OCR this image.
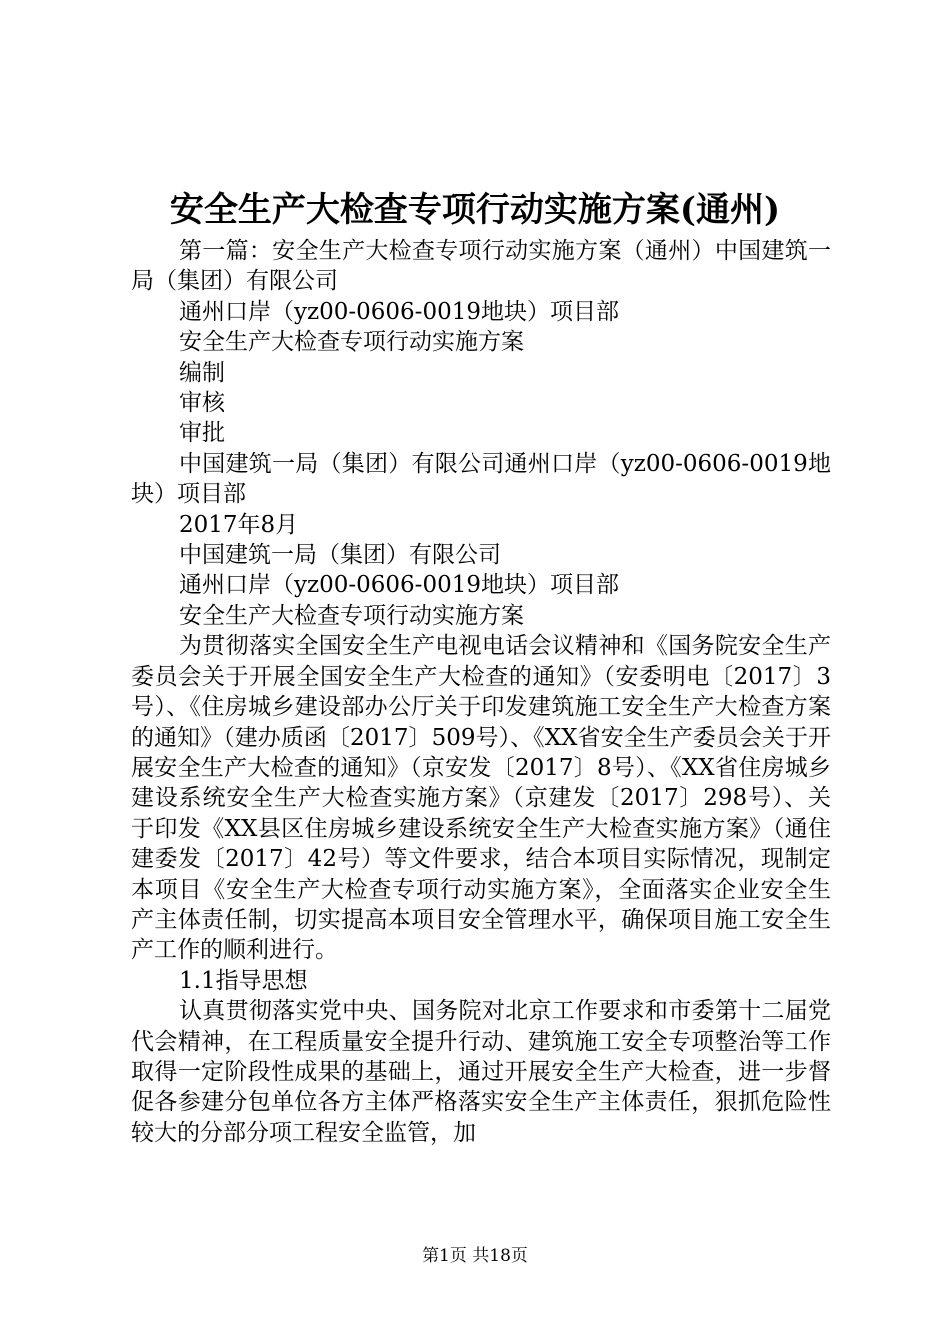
安全生产大检查专项行动实施方案(通州)

第一篇：安全生产大检查专项行动实施方案（通州）中国建筑一局（集团）有限公司

通州口岸（yz00-0606-0019地块）项目部

安全生产大检查专项行动实施方案

编制

审核

审批

中国建筑一局（集团）有限公司通州口岸（yz00-0606-0019地块）项目部

2017年8月

中国建筑一局（集团）有限公司

通州口岸（yz00-0606-0019地块）项目部

安全生产大检查专项行动实施方案

为贯彻落实全国安全生产电视电话会议精神和《国务院安全生产委员会关于开展全国安全生产大检查的通知》（安委明电〔2017〕3号）、《住房城乡建设部办公厅关于印发建筑施工安全生产大检查方案的通知》（建办质函〔2017〕509号）、《XX省安全生产委员会关于开展安全生产大检查的通知》（京安发〔2017〕8号）、《XX省住房城乡建设系统安全生产大检查实施方案》（京建发〔2017〕298号）、关于印发《XX县区住房城乡建设系统安全生产大检查实施方案》（通住建委发〔2017〕42号）等文件要求，结合本项目实际情况，现制定本项目《安全生产大检查专项行动实施方案》，全面落实企业安全生产主体责任制，切实提高本项目安全管理水平，确保项目施工安全生产工作的顺利进行。

1.1指导思想

认真贯彻落实党中央、国务院对北京工作要求和市委第十二届党代会精神，在工程质量安全提升行动、建筑施工安全专项整治等工作取得一定阶段性成果的基础上，通过开展安全生产大检查，进一步督促各参建分包单位各方主体严格落实安全生产主体责任，狠抓危险性较大的分部分项工程安全监管，加

第1页 共18页
